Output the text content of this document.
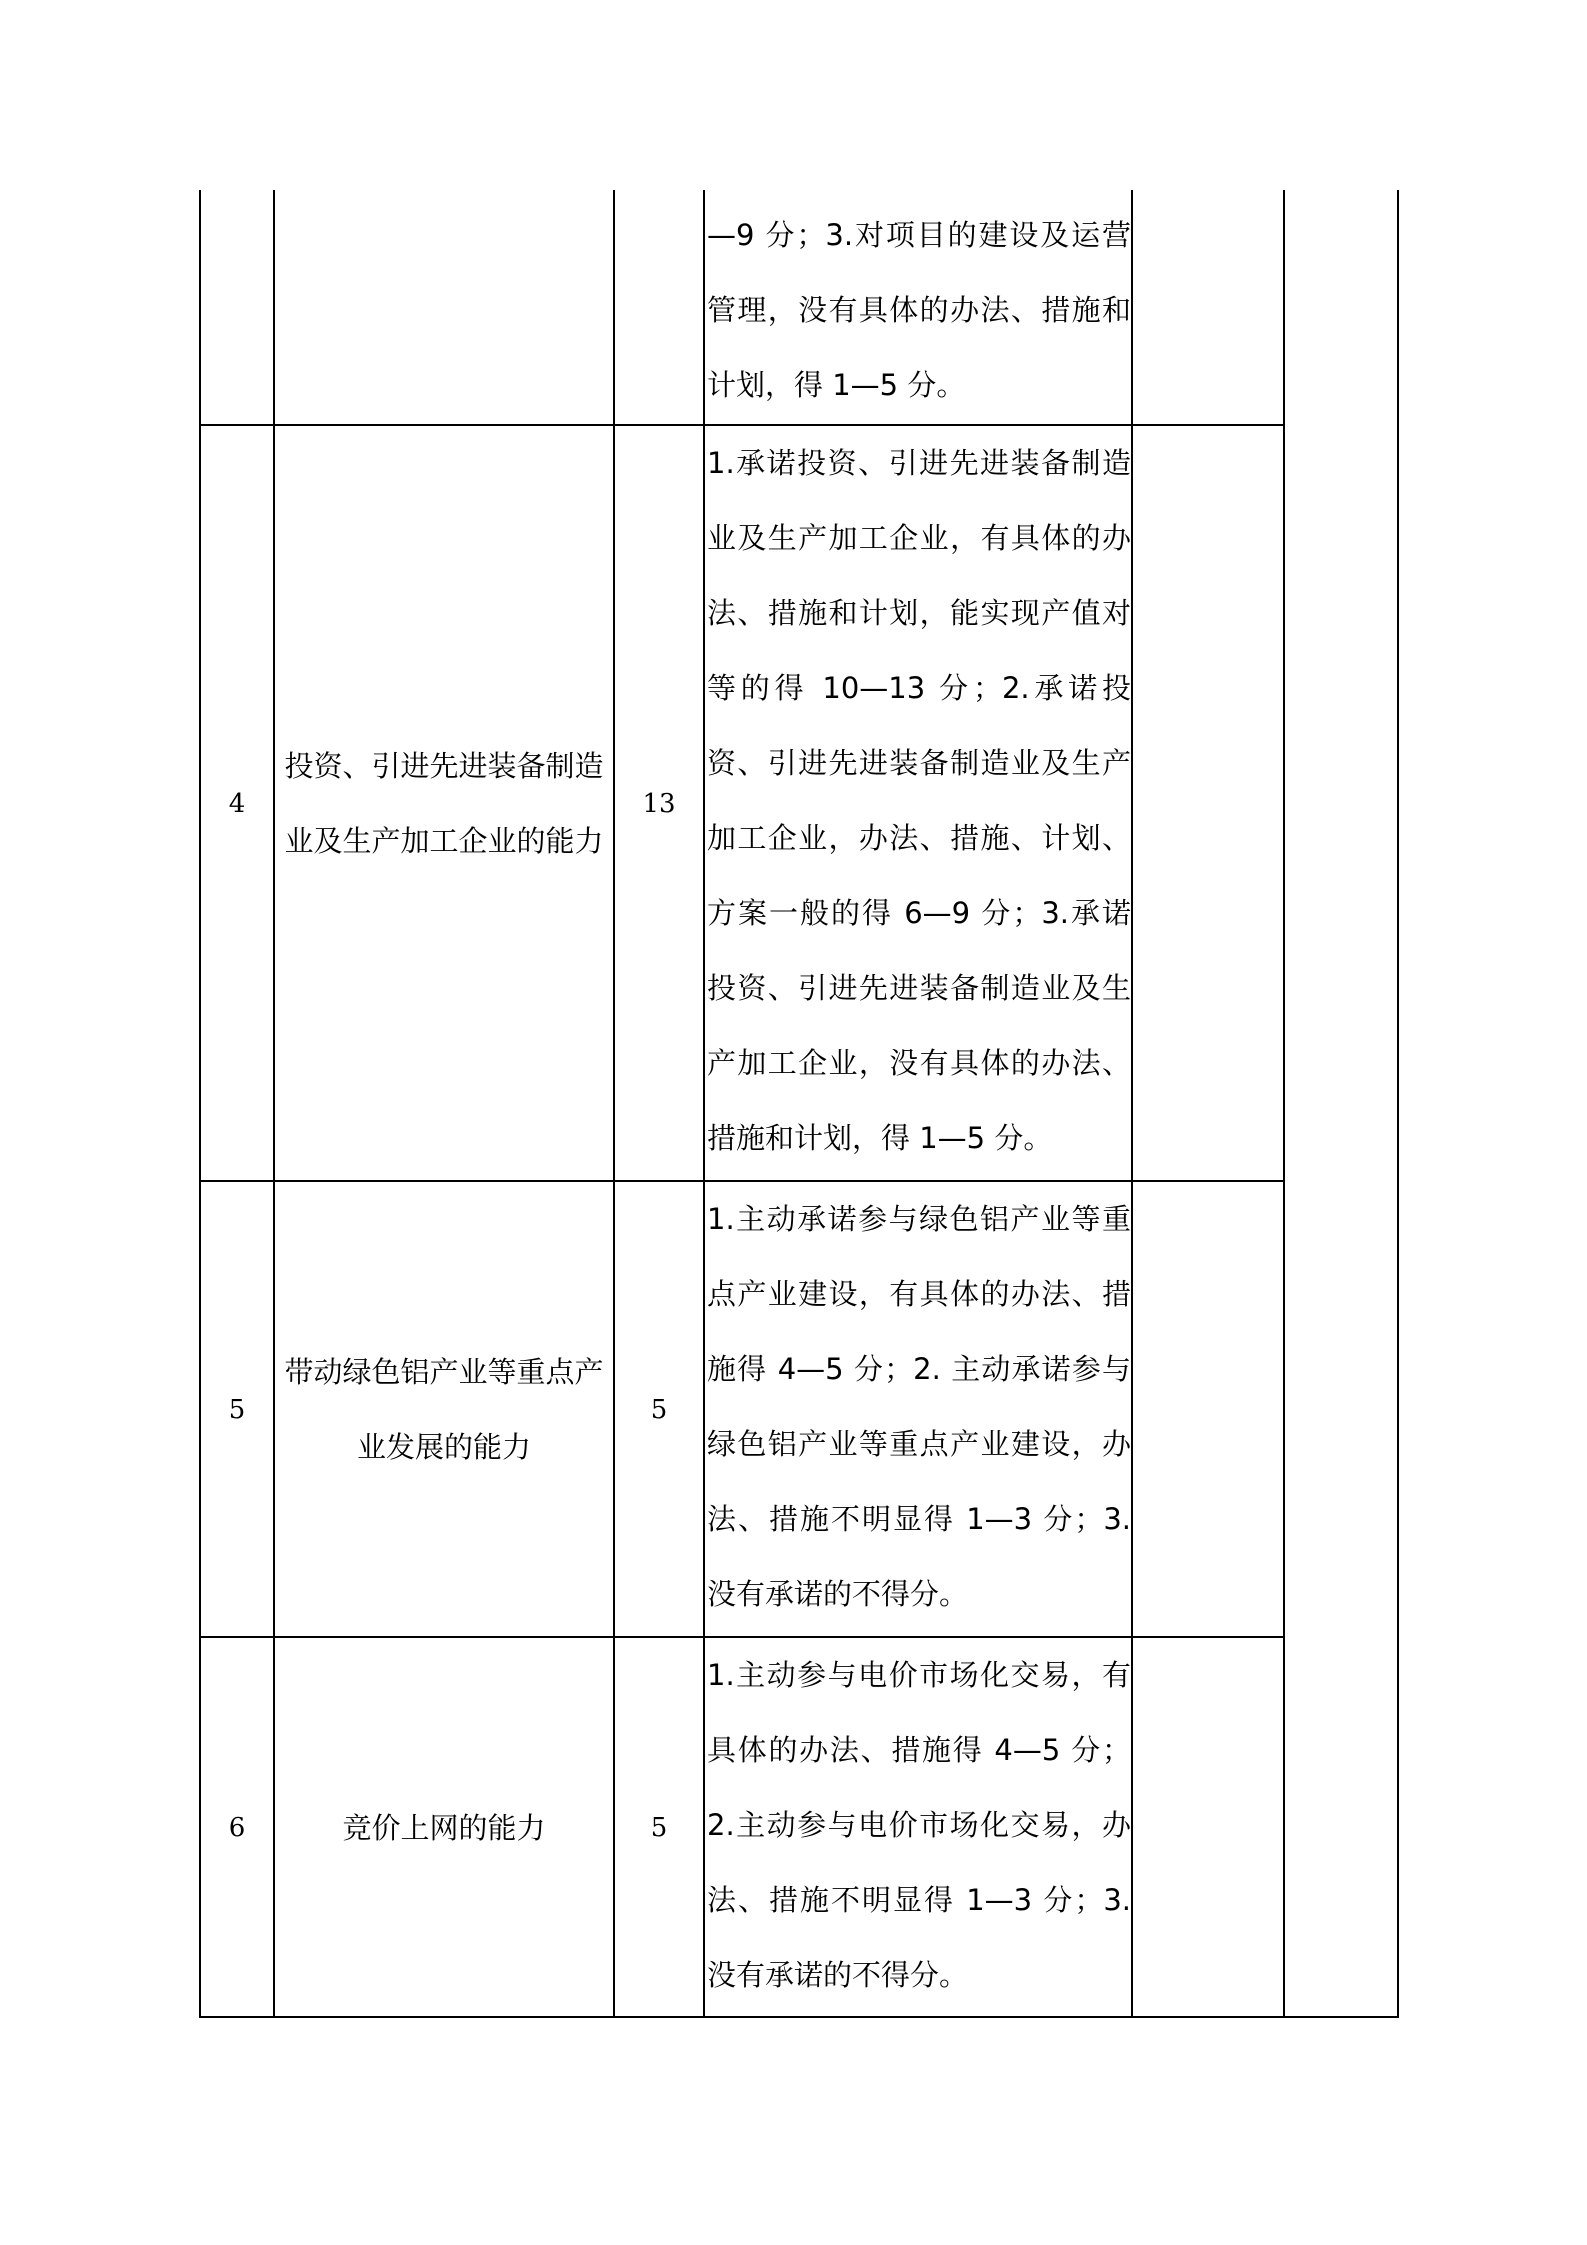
—9 分；3.对项目的建设及运营管理，没有具体的办法、措施和计划，得 1—5 分。

4
投资、引进先进装备制造业及生产加工企业的能力
13

1.承诺投资、引进先进装备制造业及生产加工企业，有具体的办法、措施和计划，能实现产值对等的得 10—13 分；2.承诺投资、引进先进装备制造业及生产加工企业，办法、措施、计划、方案一般的得 6—9 分；3.承诺投资、引进先进装备制造业及生产加工企业，没有具体的办法、措施和计划，得 1—5 分。

5
带动绿色铝产业等重点产业发展的能力
5

1.主动承诺参与绿色铝产业等重点产业建设，有具体的办法、措施得 4—5 分；2. 主动承诺参与绿色铝产业等重点产业建设，办法、措施不明显得 1—3 分；3.没有承诺的不得分。

6	竞价上网的能力	5

1.主动参与电价市场化交易，有具体的办法、措施得 4—5 分；2.主动参与电价市场化交易，办法、措施不明显得 1—3 分；3.没有承诺的不得分。
